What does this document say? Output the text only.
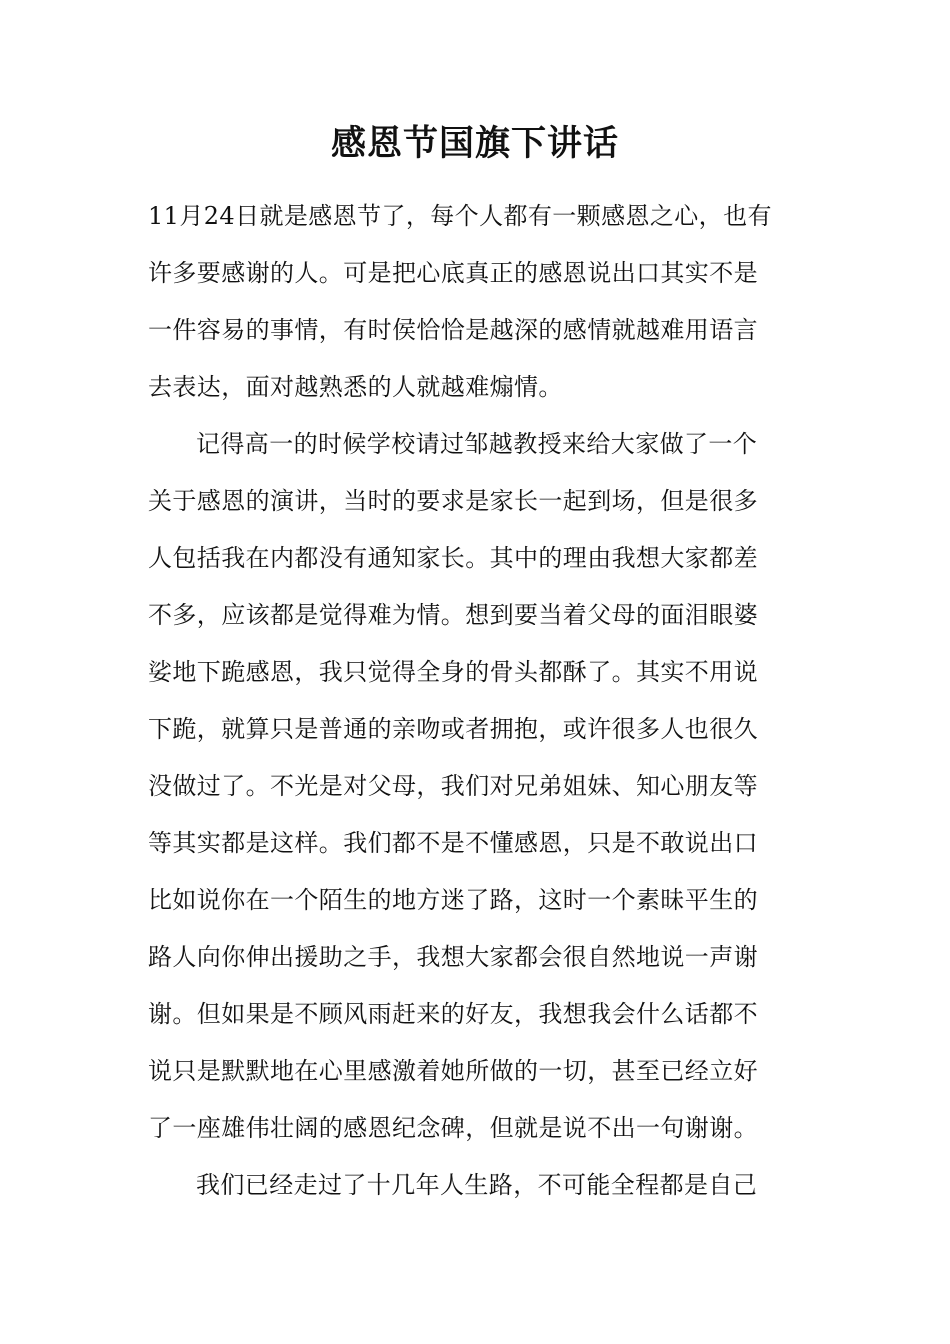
感恩节国旗下讲话

11月24日就是感恩节了，每个人都有一颗感恩之心，也有
许多要感谢的人。可是把心底真正的感恩说出口其实不是
一件容易的事情，有时侯恰恰是越深的感情就越难用语言
去表达，面对越熟悉的人就越难煽情。

记得高一的时候学校请过邹越教授来给大家做了一个
关于感恩的演讲，当时的要求是家长一起到场，但是很多
人包括我在内都没有通知家长。其中的理由我想大家都差
不多，应该都是觉得难为情。想到要当着父母的面泪眼婆
娑地下跪感恩，我只觉得全身的骨头都酥了。其实不用说
下跪，就算只是普通的亲吻或者拥抱，或许很多人也很久
没做过了。不光是对父母，我们对兄弟姐妹、知心朋友等
等其实都是这样。我们都不是不懂感恩，只是不敢说出口
比如说你在一个陌生的地方迷了路，这时一个素昧平生的
路人向你伸出援助之手，我想大家都会很自然地说一声谢
谢。但如果是不顾风雨赶来的好友，我想我会什么话都不
说只是默默地在心里感激着她所做的一切，甚至已经立好
了一座雄伟壮阔的感恩纪念碑，但就是说不出一句谢谢。

我们已经走过了十几年人生路，不可能全程都是自己
